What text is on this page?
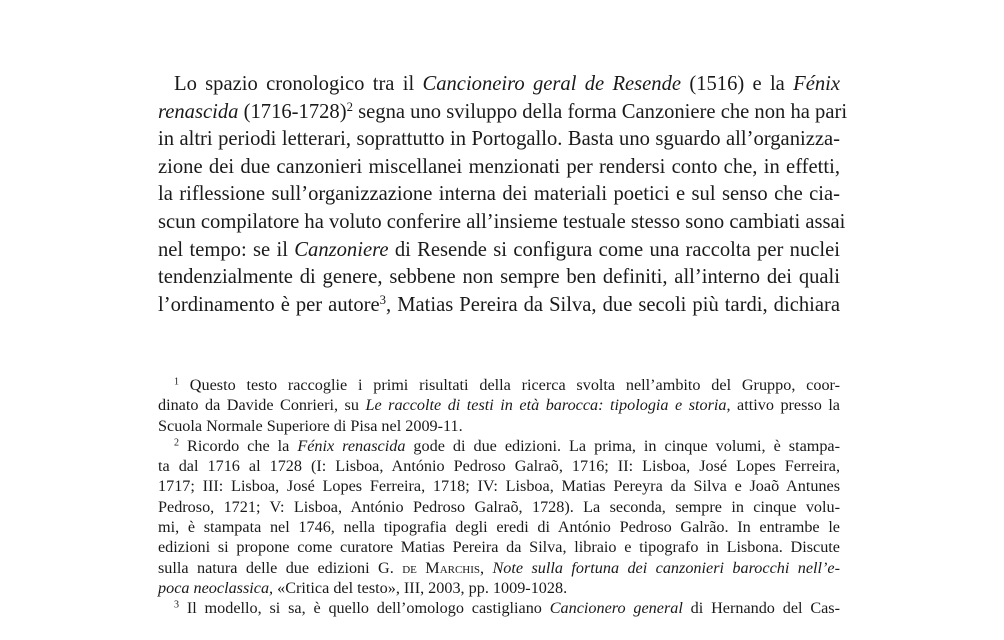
Lo spazio cronologico tra il Cancioneiro geral de Resende (1516) e la Fénix
renascida (1716-1728)$^2$ segna uno sviluppo della forma Canzoniere che non ha pari
in altri periodi letterari, soprattutto in Portogallo. Basta uno sguardo all’organizza-
zione dei due canzonieri miscellanei menzionati per rendersi conto che, in effetti,
la riflessione sull’organizzazione interna dei materiali poetici e sul senso che cia-
scun compilatore ha voluto conferire all’insieme testuale stesso sono cambiati assai
nel tempo: se il Canzoniere di Resende si configura come una raccolta per nuclei
tendenzialmente di genere, sebbene non sempre ben definiti, all’interno dei quali
l’ordinamento è per autore$^3$, Matias Pereira da Silva, due secoli più tardi, dichiara
$^1$ Questo testo raccoglie i primi risultati della ricerca svolta nell’ambito del Gruppo, coor-
dinato da Davide Conrieri, su Le raccolte di testi in età barocca: tipologia e storia, attivo presso la
Scuola Normale Superiore di Pisa nel 2009-11.
$^2$ Ricordo che la Fénix renascida gode di due edizioni. La prima, in cinque volumi, è stampa-
ta dal 1716 al 1728 (I: Lisboa, António Pedroso Galraõ, 1716; II: Lisboa, José Lopes Ferreira,
1717; III: Lisboa, José Lopes Ferreira, 1718; IV: Lisboa, Matias Pereyra da Silva e Joaõ Antunes
Pedroso, 1721; V: Lisboa, António Pedroso Galraõ, 1728). La seconda, sempre in cinque volu-
mi, è stampata nel 1746, nella tipografia degli eredi di António Pedroso Galrão. In entrambe le
edizioni si propone come curatore Matias Pereira da Silva, libraio e tipografo in Lisbona. Discute
sulla natura delle due edizioni G. de Marchis, Note sulla fortuna dei canzonieri barocchi nell’e-
poca neoclassica, «Critica del testo», III, 2003, pp. 1009-1028.
$^3$ Il modello, si sa, è quello dell’omologo castigliano Cancionero general di Hernando del Cas-
